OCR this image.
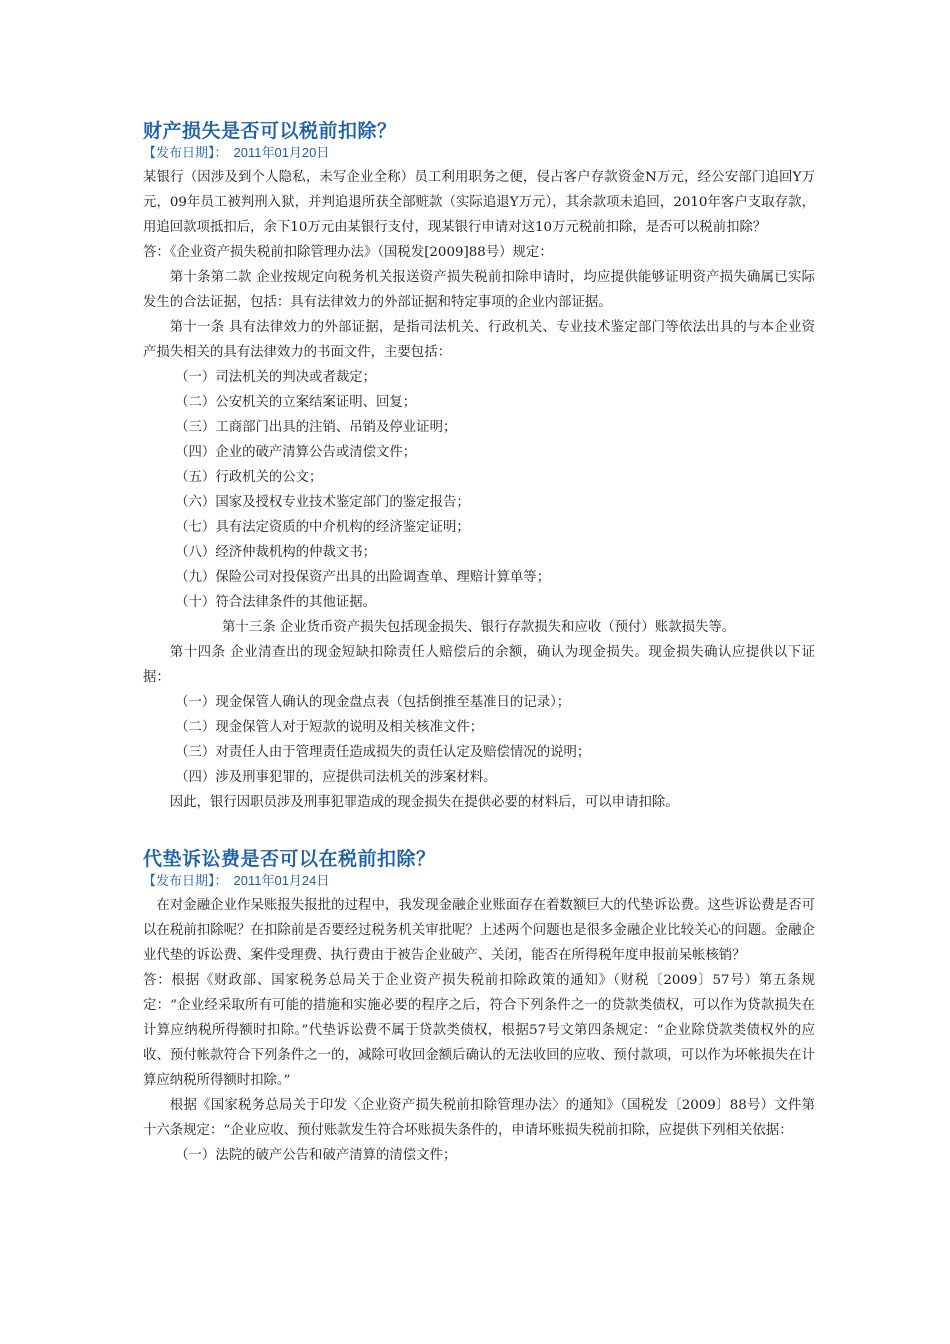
财产损失是否可以税前扣除？
【发布日期】： 2011年01月20日

某银行（因涉及到个人隐私，未写企业全称）员工利用职务之便，侵占客户存款资金N万元，经公安部门追回Y万元，09年员工被判刑入狱，并判追退所获全部赃款（实际追退Y万元），其余款项未追回，2010年客户支取存款，用追回款项抵扣后，余下10万元由某银行支付，现某银行申请对这10万元税前扣除，是否可以税前扣除？

答：《企业资产损失税前扣除管理办法》（国税发[2009]88号）规定：

第十条第二款 企业按规定向税务机关报送资产损失税前扣除申请时，均应提供能够证明资产损失确属已实际发生的合法证据，包括：具有法律效力的外部证据和特定事项的企业内部证据。

第十一条 具有法律效力的外部证据，是指司法机关、行政机关、专业技术鉴定部门等依法出具的与本企业资产损失相关的具有法律效力的书面文件，主要包括：

（一）司法机关的判决或者裁定；

（二）公安机关的立案结案证明、回复；

（三）工商部门出具的注销、吊销及停业证明；

（四）企业的破产清算公告或清偿文件；

（五）行政机关的公文；

（六）国家及授权专业技术鉴定部门的鉴定报告；

（七）具有法定资质的中介机构的经济鉴定证明；

（八）经济仲裁机构的仲裁文书；

（九）保险公司对投保资产出具的出险调查单、理赔计算单等；

（十）符合法律条件的其他证据。

第十三条 企业货币资产损失包括现金损失、银行存款损失和应收（预付）账款损失等。

第十四条 企业清查出的现金短缺扣除责任人赔偿后的余额，确认为现金损失。现金损失确认应提供以下证据：

（一）现金保管人确认的现金盘点表（包括倒推至基准日的记录）；

（二）现金保管人对于短款的说明及相关核准文件；

（三）对责任人由于管理责任造成损失的责任认定及赔偿情况的说明；

（四）涉及刑事犯罪的，应提供司法机关的涉案材料。

因此，银行因职员涉及刑事犯罪造成的现金损失在提供必要的材料后，可以申请扣除。

代垫诉讼费是否可以在税前扣除？
【发布日期】： 2011年01月24日

在对金融企业作呆账报失报批的过程中，我发现金融企业账面存在着数额巨大的代垫诉讼费。这些诉讼费是否可以在税前扣除呢？在扣除前是否要经过税务机关审批呢？上述两个问题也是很多金融企业比较关心的问题。金融企业代垫的诉讼费、案件受理费、执行费由于被告企业破产、关闭，能否在所得税年度申报前呆帐核销？

答：根据《财政部、国家税务总局关于企业资产损失税前扣除政策的通知》（财税〔2009〕57号）第五条规定：“企业经采取所有可能的措施和实施必要的程序之后，符合下列条件之一的贷款类债权，可以作为贷款损失在计算应纳税所得额时扣除。”代垫诉讼费不属于贷款类债权，根据57号文第四条规定：“企业除贷款类债权外的应收、预付帐款符合下列条件之一的，减除可收回金额后确认的无法收回的应收、预付款项，可以作为坏帐损失在计算应纳税所得额时扣除。”

根据《国家税务总局关于印发〈企业资产损失税前扣除管理办法〉的通知》（国税发〔2009〕88号）文件第十六条规定：“企业应收、预付账款发生符合坏账损失条件的，申请坏账损失税前扣除，应提供下列相关依据：

（一）法院的破产公告和破产清算的清偿文件；
